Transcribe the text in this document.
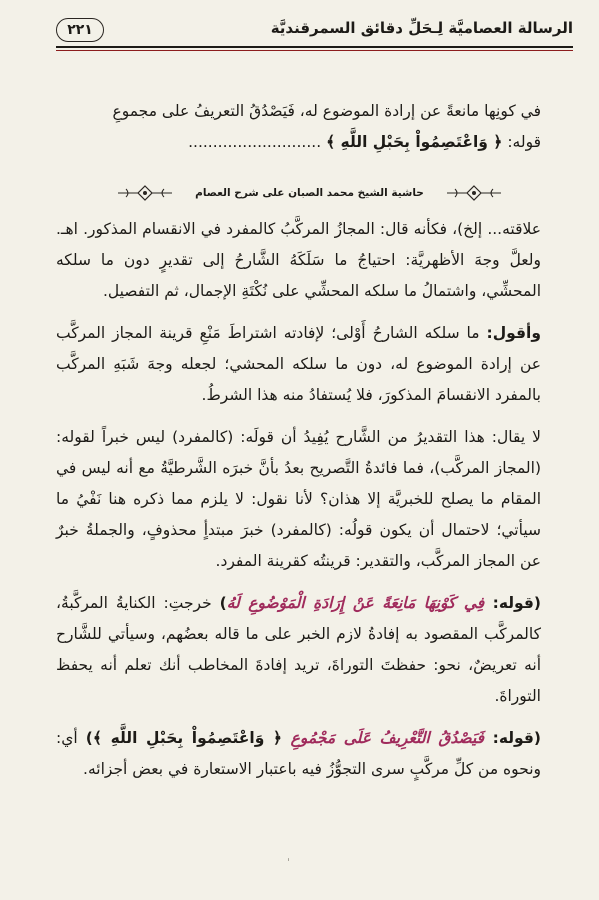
٢٢١	الرسالة العصاميَّة لِـحَلِّ دقائق السمرقنديَّة
في كونِها مانعةً عن إرادة الموضوع له، فَيَصْدُقُ التعريفُ على مجموعِ
قوله: ﴿ وَاعْتَصِمُواْ بِحَبْلِ اللَّهِ ﴾ ...........................
حاشية الشيخ محمد الصبان على شرح العصام

علاقته... إلخ)، فكأنه قال: المجازُ المركَّبُ كالمفرد في الانقسام المذكور. اهـ. ولعلَّ وجهَ الأظهريَّة: احتياجُ ما سَلَكَهُ الشَّارحُ إلى تقديرٍ دون ما سلكه المحشِّي، واشتمالُ ما سلكه المحشِّي على نُكْتَةِ الإجمال، ثم التفصيل.

وأقول: ما سلكه الشارحُ أَوْلى؛ لإفادته اشتراطَ مَنْعِ قرينة المجاز المركَّب عن إرادة الموضوع له، دون ما سلكه المحشي؛ لجعله وجهَ شَبَهِ المركَّب بالمفرد الانقسامَ المذكورَ، فلا يُستفادُ منه هذا الشرطُ.

لا يقال: هذا التقديرُ من الشَّارح يُفِيدُ أن قولَه: (كالمفرد) ليس خبراً لقوله: (المجاز المركَّب)، فما فائدةُ التَّصريح بعدُ بأنَّ خبرَه الشَّرطيَّةُ مع أنه ليس في المقام ما يصلح للخبريَّة إلا هذان؟ لأنا نقول: لا يلزم مما ذكره هنا نَفْيُ ما سيأتي؛ لاحتمال أن يكون قولُه: (كالمفرد) خبرَ مبتدأٍ محذوفٍ، والجملةُ خبرٌ عن المجاز المركَّب، والتقدير: قرينتُه كقرينة المفرد.

(قوله: فِي كَوْنِهَا مَانِعَةً عَنْ إِرَادَةِ الْمَوْضُوعِ لَهُ) خرجتِ: الكنايةُ المركَّبةُ، كالمركَّب المقصود به إفادةُ لازم الخبر على ما قاله بعضُهم، وسيأتي للشَّارح أنه تعريضٌ، نحو: حفظتَ التوراةَ، تريد إفادةَ المخاطب أنك تعلم أنه يحفظ التوراةَ.

(قوله: فَيَصْدُقُ التَّعْرِيفُ عَلَى مَجْمُوعِ ﴿ وَاعْتَصِمُواْ بِحَبْلِ اللَّهِ ﴾) أي: ونحوه من كلِّ مركَّبٍ سرى التجوُّزُ فيه باعتبار الاستعارة في بعض أجزائه.
